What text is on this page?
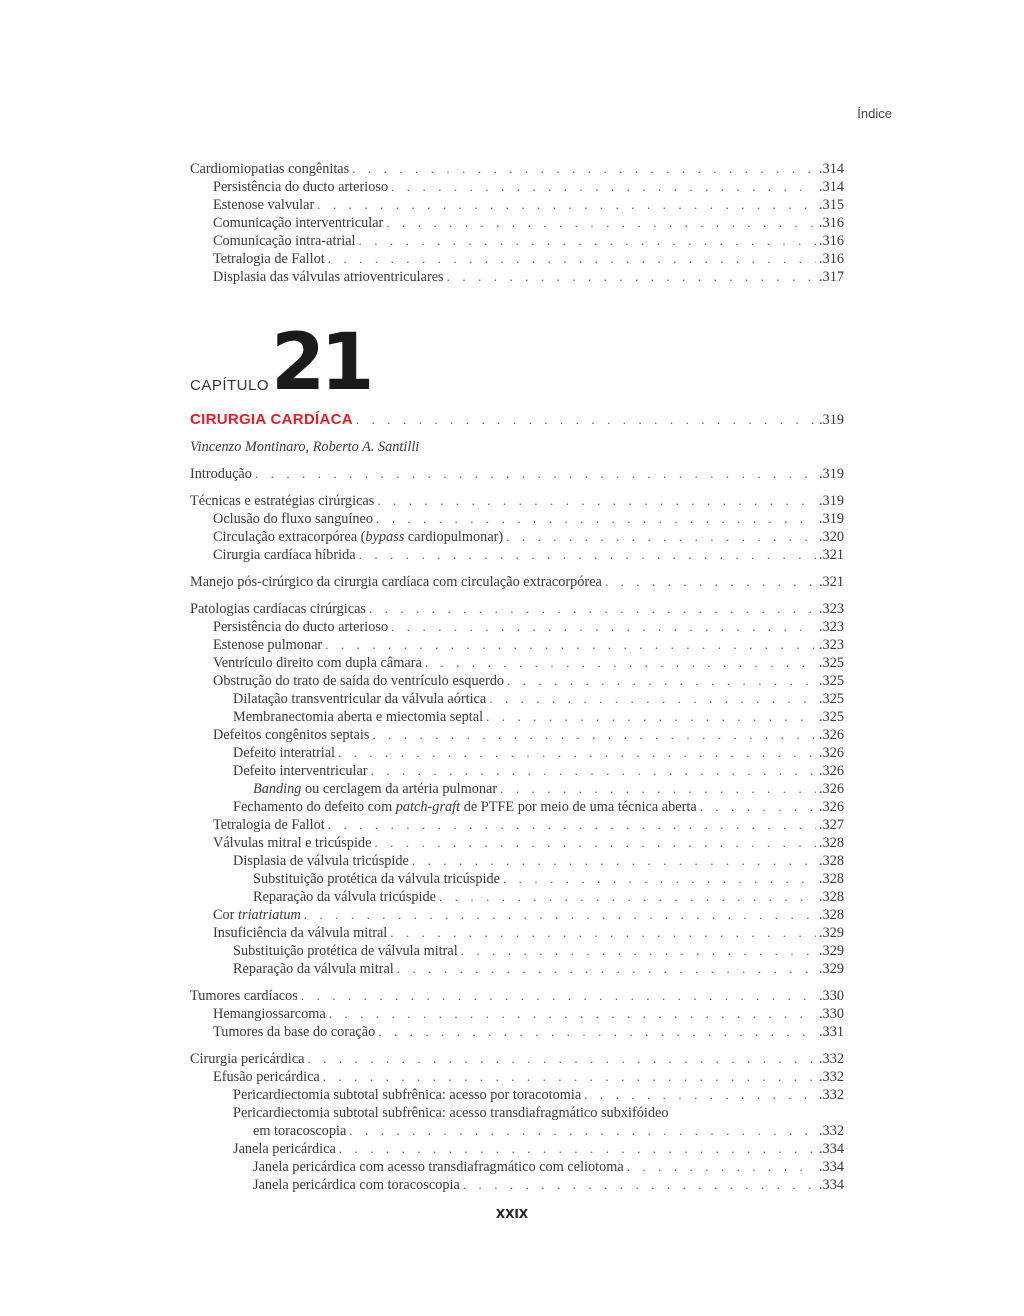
Índice
Cardiomiopatias congênitas . . .	.314
Persistência do ducto arterioso . . .	.314
Estenose valvular . . .	.315
Comunicação interventricular . . .	.316
Comunicação intra-atrial . . .	.316
Tetralogia de Fallot . . .	.316
Displasia das válvulas atrioventriculares . . .	.317
CAPÍTULO 21
CIRURGIA CARDÍACA . . .	.319
Vincenzo Montinaro, Roberto A. Santilli
Introdução . . .	.319
Técnicas e estratégias cirúrgicas . . .	.319
Oclusão do fluxo sanguíneo . . .	.319
Circulação extracorpórea (bypass cardiopulmonar) . . .	.320
Cirurgia cardíaca híbrida . . .	.321
Manejo pós-cirúrgico da cirurgia cardíaca com circulação extracorpórea . . .	.321
Patologias cardíacas cirúrgicas . . .	.323
Persistência do ducto arterioso . . .	.323
Estenose pulmonar . . .	.323
Ventrículo direito com dupla câmara . . .	.325
Obstrução do trato de saída do ventrículo esquerdo . . .	.325
Dilatação transventricular da válvula aórtica . . .	.325
Membranectomia aberta e miectomia septal . . .	.325
Defeitos congênitos septais . . .	.326
Defeito interatrial . . .	.326
Defeito interventricular . . .	.326
Banding ou cerclagem da artéria pulmonar . . .	.326
Fechamento do defeito com patch-graft de PTFE por meio de uma técnica aberta . . .	.326
Tetralogia de Fallot . . .	.327
Válvulas mitral e tricúspide . . .	.328
Displasia de válvula tricúspide . . .	.328
Substituição protética da válvula tricúspide . . .	.328
Reparação da válvula tricúspide . . .	.328
Cor triatriatum . . .	.328
Insuficiência da válvula mitral . . .	.329
Substituição protética de válvula mitral . . .	.329
Reparação da válvula mitral . . .	.329
Tumores cardíacos . . .	.330
Hemangiossarcoma . . .	.330
Tumores da base do coração . . .	.331
Cirurgia pericárdica . . .	.332
Efusão pericárdica . . .	.332
Pericardiectomia subtotal subfrênica: acesso por toracotomia . . .	.332
Pericardiectomia subtotal subfrênica: acesso transdiafragmático subxifóideo
em toracoscopia . . .	.332
Janela pericárdica . . .	.334
Janela pericárdica com acesso transdiafragmático com celiotoma . . .	.334
Janela pericárdica com toracoscopia . . .	.334
XXIX
